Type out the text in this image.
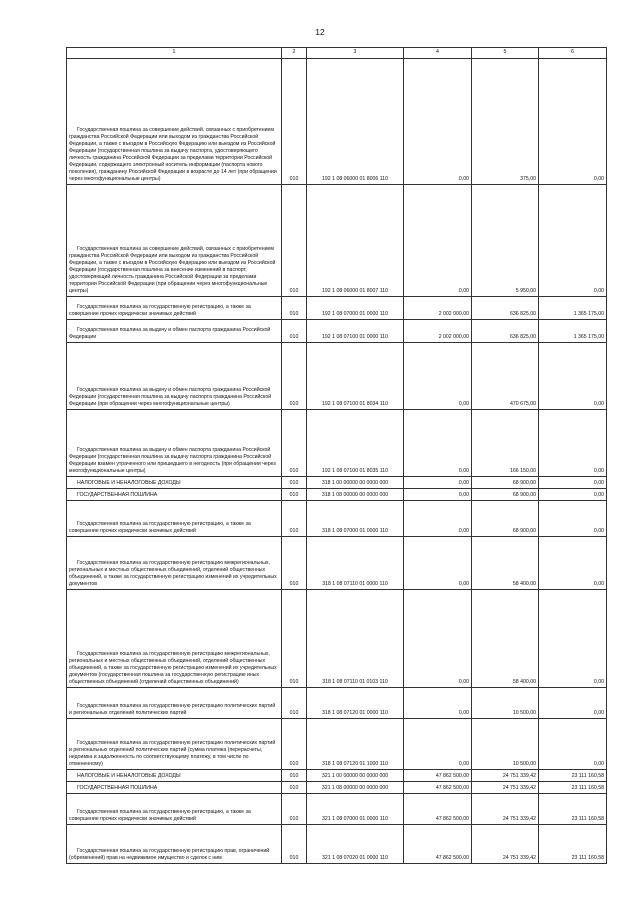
12
1	2	3	4	5	6
Государственная пошлина за совершение действий, связанных с приобретением гражданства Российской Федерации или выходом из гражданства Российской Федерации, а также с въездом в Российскую Федерацию или выездом из Российской Федерации (государственная пошлина за выдачу паспорта, удостоверяющего личность гражданина Российской Федерации за пределами территории Российской Федерации, содержащего электронный носитель информации (паспорта нового поколения), гражданину Российской Федерации в возрасте до 14 лет (при обращении через многофункциональные центры)	010	192 1 08 06000 01 8006 110	0,00	375,00	0,00
Государственная пошлина за совершение действий, связанных с приобретением гражданства Российской Федерации или выходом из гражданства Российской Федерации, а также с въездом в Российскую Федерацию или выездом из Российской Федерации (государственная пошлина за внесение изменений в паспорт, удостоверяющий личность гражданина Российской Федерации за пределами территории Российской Федерации (при обращении через многофункциональные центры)	010	192 1 08 06000 01 8007 110	0,00	5 950,00	0,00
Государственная пошлина за государственную регистрацию, а также за совершение прочих юридически значимых действий	010	192 1 08 07000 01 0000 110	2 002 000,00	636 825,00	1 365 175,00
Государственная пошлина за выдачу и обмен паспорта гражданина Российской Федерации	010	192 1 08 07100 01 0000 110	2 002 000,00	636 825,00	1 365 175,00
Государственная пошлина за выдачу и обмен паспорта гражданина Российской Федерации (государственная пошлина за выдачу паспорта гражданина Российской Федерации (при обращении через многофункциональные центры)	010	192 1 08 07100 01 8034 110	0,00	470 675,00	0,00
Государственная пошлина за выдачу и обмен паспорта гражданина Российской Федерации (государственная пошлина за выдачу паспорта гражданина Российской Федерации взамен утраченного или пришедшего в негодность (при обращении через многофункциональные центры)	010	192 1 08 07100 01 8035 110	0,00	166 150,00	0,00
НАЛОГОВЫЕ И НЕНАЛОГОВЫЕ ДОХОДЫ	010	318 1 00 00000 00 0000 000	0,00	68 900,00	0,00
ГОСУДАРСТВЕННАЯ ПОШЛИНА	010	318 1 08 00000 00 0000 000	0,00	68 900,00	0,00
Государственная пошлина за государственную регистрацию, а также за совершение прочих юридически значимых действий	010	318 1 08 07000 01 0000 110	0,00	68 900,00	0,00
Государственная пошлина за государственную регистрацию межрегиональных, региональных и местных общественных объединений, отделений общественных объединений, а также за государственную регистрацию изменений их учредительных документов	010	318 1 08 07110 01 0000 110	0,00	58 400,00	0,00
Государственная пошлина за государственную регистрацию межрегиональных, региональных и местных общественных объединений, отделений общественных объединений, а также за государственную регистрацию изменений их учредительных документов (государственная пошлина за государственную регистрацию иных общественных объединений (отделений общественных объединений)	010	318 1 08 07110 01 0103 110	0,00	58 400,00	0,00
Государственная пошлина за государственную регистрацию политических партий и региональных отделений политических партий	010	318 1 08 07120 01 0000 110	0,00	10 500,00	0,00
Государственная пошлина за государственную регистрацию политических партий и региональных отделений политических партий (сумма платежа (перерасчеты, недоимка и задолженность по соответствующему платежу, в том числе по отмененному)	010	318 1 08 07120 01 1000 110	0,00	10 500,00	0,00
НАЛОГОВЫЕ И НЕНАЛОГОВЫЕ ДОХОДЫ	010	321 1 00 00000 00 0000 000	47 862 500,00	24 751 339,42	23 111 160,58
ГОСУДАРСТВЕННАЯ ПОШЛИНА	010	321 1 08 00000 00 0000 000	47 862 500,00	24 751 339,42	23 111 160,58
Государственная пошлина за государственную регистрацию, а также за совершение прочих юридически значимых действий	010	321 1 08 07000 01 0000 110	47 862 500,00	24 751 339,42	23 111 160,58
Государственная пошлина за государственную регистрацию прав, ограничений (обременений) прав на недвижимое имущество и сделок с ним	010	321 1 08 07020 01 0000 110	47 862 500,00	24 751 339,42	23 111 160,58
